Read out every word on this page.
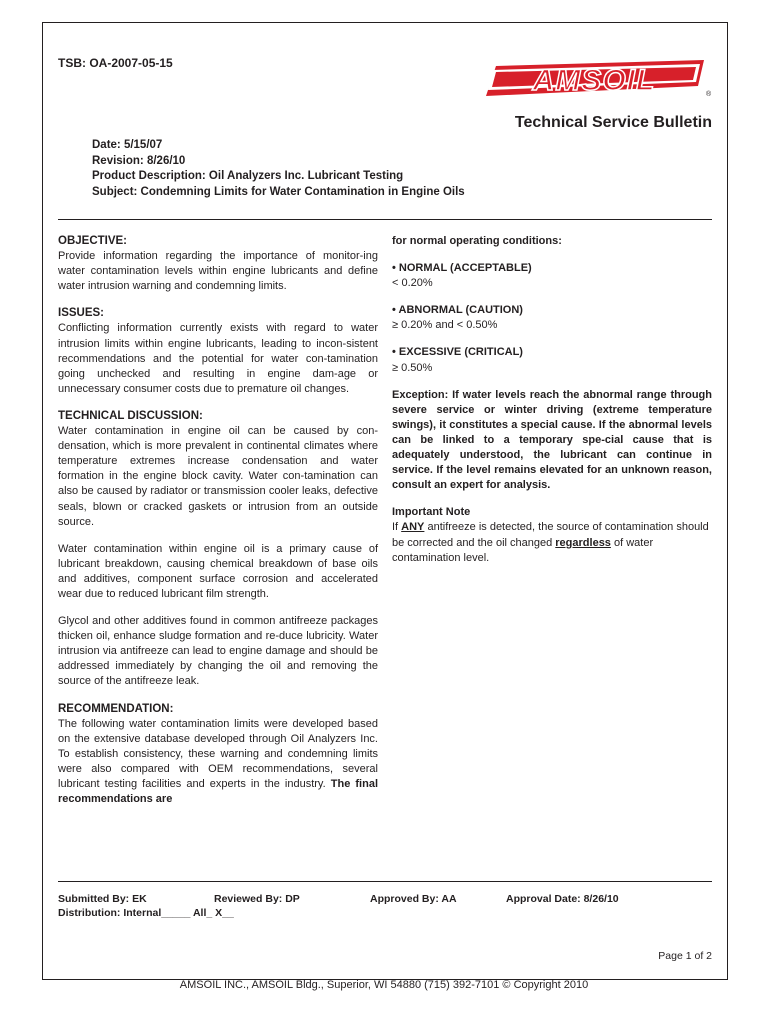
TSB: OA-2007-05-15
AMSOIL	®
Technical Service Bulletin
Date: 5/15/07
Revision: 8/26/10
Product Description: Oil Analyzers Inc. Lubricant Testing
Subject: Condemning Limits for Water Contamination in Engine Oils

OBJECTIVE:

Provide information regarding the importance of monitor-ing water contamination levels within engine lubricants and define water intrusion warning and condemning limits.

ISSUES:

Conflicting information currently exists with regard to water intrusion limits within engine lubricants, leading to incon-sistent recommendations and the potential for water con-tamination going unchecked and resulting in engine dam-age or unnecessary consumer costs due to premature oil changes.

TECHNICAL DISCUSSION:

Water contamination in engine oil can be caused by con-densation, which is more prevalent in continental climates where temperature extremes increase condensation and water formation in the engine block cavity. Water con-tamination can also be caused by radiator or transmission cooler leaks, defective seals, blown or cracked gaskets or intrusion from an outside source.

Water contamination within engine oil is a primary cause of lubricant breakdown, causing chemical breakdown of base oils and additives, component surface corrosion and accelerated wear due to reduced lubricant film strength.

Glycol and other additives found in common antifreeze packages thicken oil, enhance sludge formation and re-duce lubricity. Water intrusion via antifreeze can lead to engine damage and should be addressed immediately by changing the oil and removing the source of the antifreeze leak.

RECOMMENDATION:

The following water contamination limits were developed based on the extensive database developed through Oil Analyzers Inc. To establish consistency, these warning and condemning limits were also compared with OEM recommendations, several lubricant testing facilities and experts in the industry. The final recommendations are

for normal operating conditions:

• NORMAL (ACCEPTABLE)

< 0.20%

• ABNORMAL (CAUTION)

≥ 0.20% and < 0.50%

• EXCESSIVE (CRITICAL)

≥ 0.50%

Exception: If water levels reach the abnormal range through severe service or winter driving (extreme temperature swings), it constitutes a special cause. If the abnormal levels can be linked to a temporary spe-cial cause that is adequately understood, the lubricant can continue in service. If the level remains elevated for an unknown reason, consult an expert for analysis.

Important Note

If ANY antifreeze is detected, the source of contamination should be corrected and the oil changed regardless of water contamination level.

Submitted By: EK	Reviewed By: DP	Approved By: AA	Approval Date: 8/26/10
Distribution: Internal_____ All_ X__
Page 1 of 2
AMSOIL INC., AMSOIL Bldg., Superior, WI 54880 (715) 392-7101 © Copyright 2010
